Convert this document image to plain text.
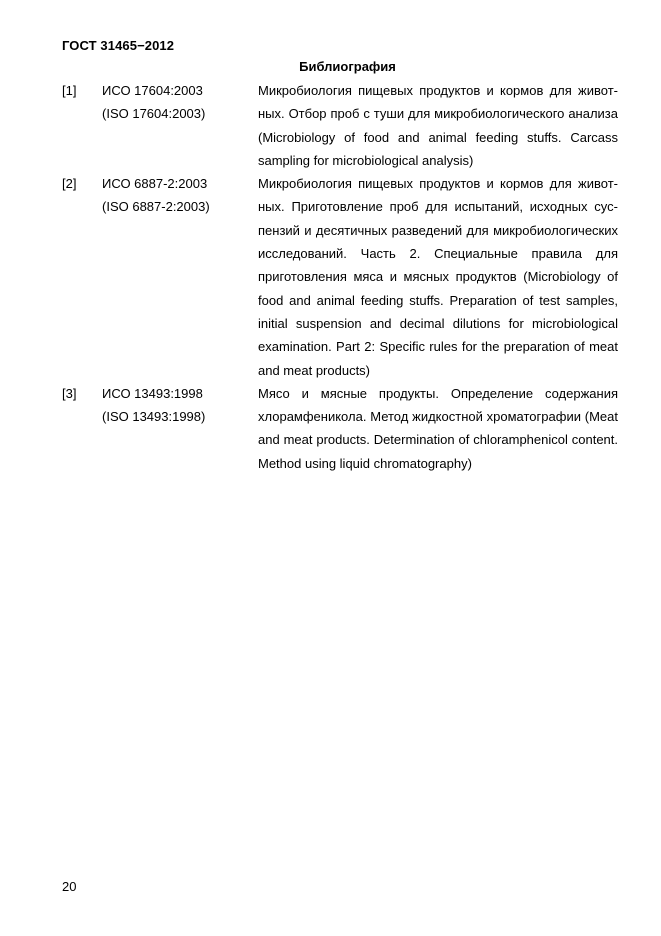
ГОСТ 31465−2012
Библиография
[1] ИСО 17604:2003
(ISO 17604:2003)
Микробиология пищевых продуктов и кормов для животных. Отбор проб с туши для микробиологического анализа (Microbiology of food and animal feeding stuffs. Carcass sampling for microbiological analysis)
[2] ИСО 6887-2:2003
(ISO 6887-2:2003)
Микробиология пищевых продуктов и кормов для животных. Приготовление проб для испытаний, исходных суспензий и десятичных разведений для микробиологических исследований. Часть 2. Специальные правила для приготовления мяса и мясных продуктов (Microbiology of food and animal feeding stuffs. Preparation of test samples, initial suspension and decimal dilutions for microbiological examination. Part 2: Specific rules for the preparation of meat and meat products)
[3] ИСО 13493:1998
(ISO 13493:1998)
Мясо и мясные продукты. Определение содержания хлорамфеникола. Метод жидкостной хроматографии (Meat and meat products. Determination of chloramphenicol content. Method using liquid chromatography)
20
